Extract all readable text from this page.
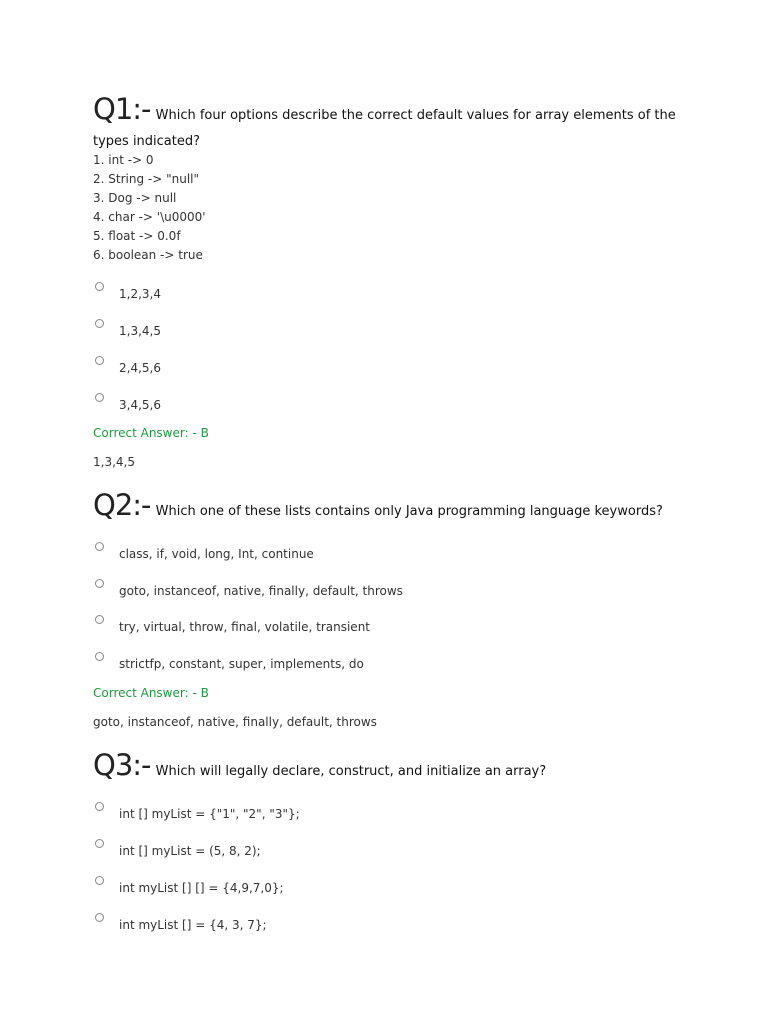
Q1:- Which four options describe the correct default values for array elements of the
types indicated?
1. int -> 0
2. String -> "null"
3. Dog -> null
4. char -> '\u0000'
5. float -> 0.0f
6. boolean -> true
1,2,3,4
1,3,4,5
2,4,5,6
3,4,5,6
Correct Answer: - B
1,3,4,5
Q2:- Which one of these lists contains only Java programming language keywords?
class, if, void, long, Int, continue
goto, instanceof, native, finally, default, throws
try, virtual, throw, final, volatile, transient
strictfp, constant, super, implements, do
Correct Answer: - B
goto, instanceof, native, finally, default, throws
Q3:- Which will legally declare, construct, and initialize an array?
int [] myList = {"1", "2", "3"};
int [] myList = (5, 8, 2);
int myList [] [] = {4,9,7,0};
int myList [] = {4, 3, 7};
